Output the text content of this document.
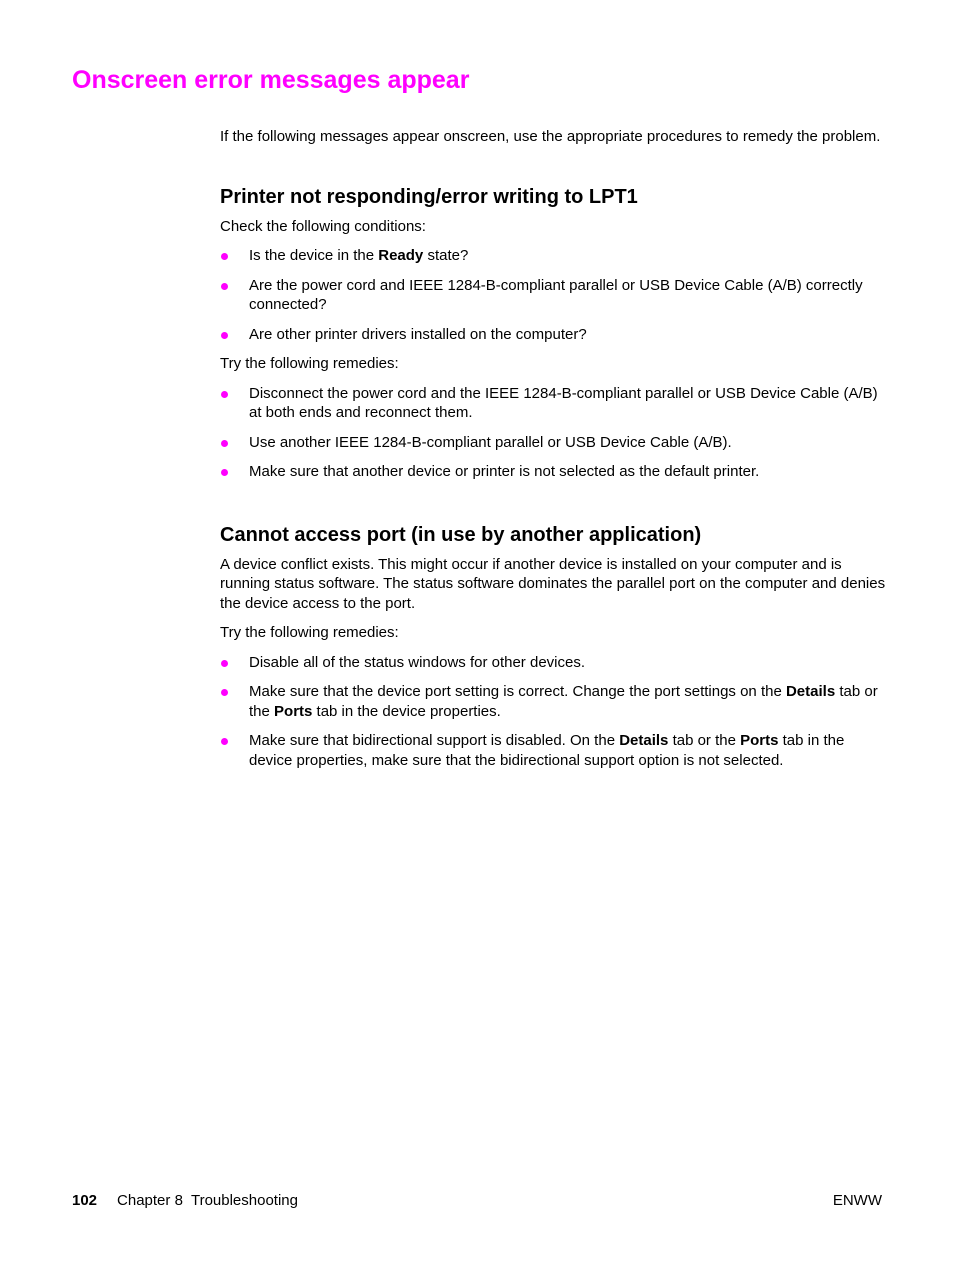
Onscreen error messages appear

If the following messages appear onscreen, use the appropriate procedures to remedy the problem.

Printer not responding/error writing to LPT1

Check the following conditions:

Is the device in the Ready state?
Are the power cord and IEEE 1284-B-compliant parallel or USB Device Cable (A/B) correctly connected?
Are other printer drivers installed on the computer?

Try the following remedies:

Disconnect the power cord and the IEEE 1284-B-compliant parallel or USB Device Cable (A/B) at both ends and reconnect them.
Use another IEEE 1284-B-compliant parallel or USB Device Cable (A/B).
Make sure that another device or printer is not selected as the default printer.
Cannot access port (in use by another application)

A device conflict exists. This might occur if another device is installed on your computer and is running status software. The status software dominates the parallel port on the computer and denies the device access to the port.

Try the following remedies:

Disable all of the status windows for other devices.
Make sure that the device port setting is correct. Change the port settings on the Details tab or the Ports tab in the device properties.
Make sure that bidirectional support is disabled. On the Details tab or the Ports tab in the device properties, make sure that the bidirectional support option is not selected.
102 Chapter 8  Troubleshooting	ENWW
